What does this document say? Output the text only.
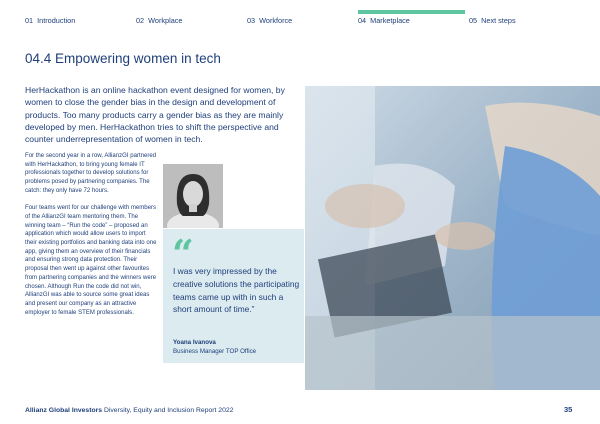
01 Introduction	02 Workplace	03 Workforce	04 Marketplace	05 Next steps
04.4 Empowering women in tech
HerHackathon is an online hackathon event designed for women, by women to close the gender bias in the design and development of products. Too many products carry a gender bias as they are mainly developed by men. HerHackathon tries to shift the perspective and counter underrepresentation of women in tech.

For the second year in a row, AllianzGI partnered with HerHackathon, to bring young female IT professionals together to develop solutions for problems posed by partnering companies. The catch: they only have 72 hours.

Four teams went for our challenge with members of the AllianzGI team mentoring them. The winning team – “Run the code” – proposed an application which would allow users to import their existing portfolios and banking data into one app, giving them an overview of their financials and ensuring strong data protection. Their proposal then went up against other favourites from partnering companies and the winners were chosen. Although Run the code did not win, AllianzGI was able to source some great ideas and present our company as an attractive employer to female STEM professionals.

“
I was very impressed by the creative solutions the participating teams came up with in such a short amount of time.”
Yoana Ivanova
Business Manager TOP Office
Allianz Global Investors Diversity, Equity and Inclusion Report 2022	35
